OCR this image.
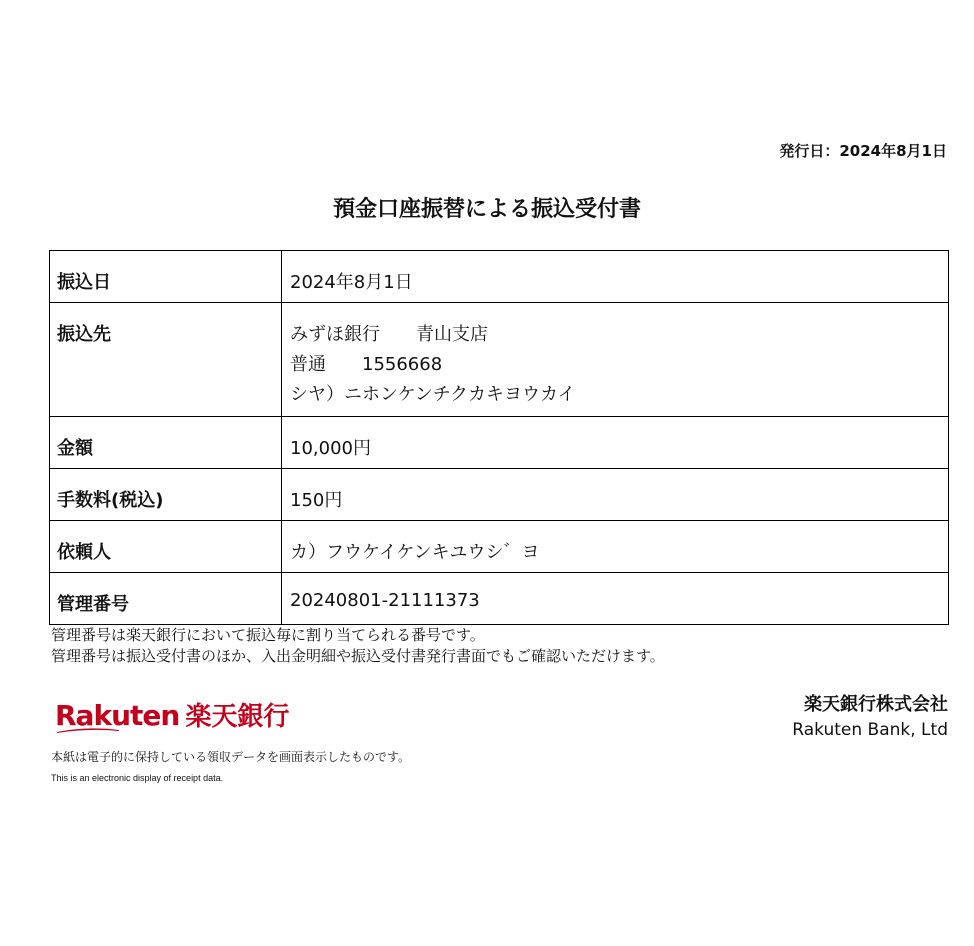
発行日：2024年8月1日
預金口座振替による振込受付書
振込日	2024年8月1日
振込先	みずほ銀行　　青山支店
普通　　1556668
シヤ）ニホンケンチクカキヨウカイ

金額	10,000円
手数料(税込)	150円
依頼人	カ）フウケイケンキユウシ゛ヨ
管理番号	20240801-21111373
管理番号は楽天銀行において振込毎に割り当てられる番号です。
管理番号は振込受付書のほか、入出金明細や振込受付書発行書面でもご確認いただけます。
Rakuten 楽天銀行	楽天銀行株式会社
Rakuten Bank, Ltd
本紙は電子的に保持している領収データを画面表示したものです。
This is an electronic display of receipt data.
